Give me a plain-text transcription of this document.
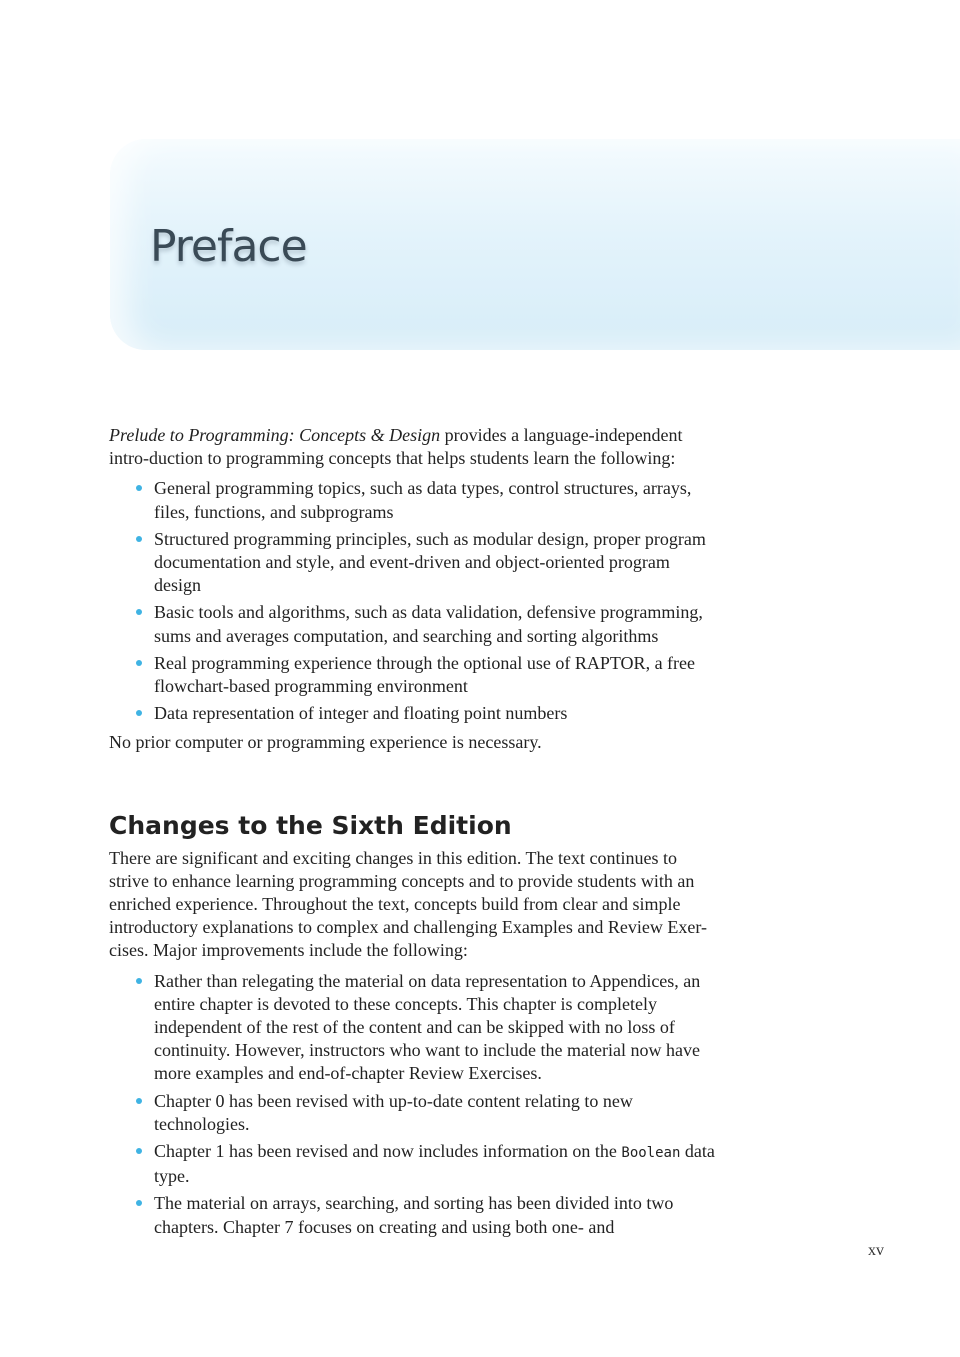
Preface

Prelude to Programming: Concepts & Design provides a language-independent intro-duction to programming concepts that helps students learn the following:

General programming topics, such as data types, control structures, arrays, files, functions, and subprograms
Structured programming principles, such as modular design, proper program documentation and style, and event-driven and object-oriented program design
Basic tools and algorithms, such as data validation, defensive programming, sums and averages computation, and searching and sorting algorithms
Real programming experience through the optional use of RAPTOR, a free flowchart-based programming environment
Data representation of integer and floating point numbers

No prior computer or programming experience is necessary.

Changes to the Sixth Edition

There are significant and exciting changes in this edition. The text continues to strive to enhance learning programming concepts and to provide students with an enriched experience. Throughout the text, concepts build from clear and simple introductory explanations to complex and challenging Examples and Review Exer-cises. Major improvements include the following:

Rather than relegating the material on data representation to Appendices, an entire chapter is devoted to these concepts. This chapter is completely independent of the rest of the content and can be skipped with no loss of continuity. However, instructors who want to include the material now have more examples and end-of-chapter Review Exercises.
Chapter 0 has been revised with up-to-date content relating to new technologies.
Chapter 1 has been revised and now includes information on the Boolean data type.
The material on arrays, searching, and sorting has been divided into two chapters. Chapter 7 focuses on creating and using both one- and
xv
